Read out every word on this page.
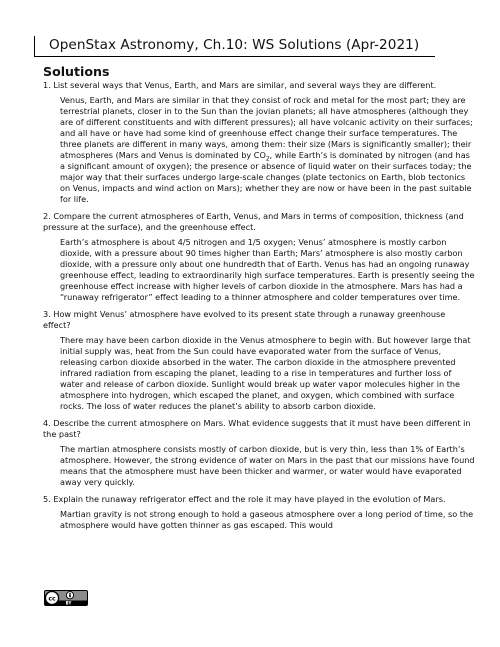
OpenStax Astronomy, Ch.10: WS Solutions (Apr-2021)
Solutions
1. List several ways that Venus, Earth, and Mars are similar, and several ways they are different.
Venus, Earth, and Mars are similar in that they consist of rock and metal for the most part; they are terrestrial planets, closer in to the Sun than the jovian planets; all have atmospheres (although they are of different constituents and with different pressures); all have volcanic activity on their surfaces; and all have or have had some kind of greenhouse effect change their surface temperatures. The three planets are different in many ways, among them: their size (Mars is significantly smaller); their atmospheres (Mars and Venus is dominated by $CO_2$, while Earth’s is dominated by nitrogen (and has a significant amount of oxygen); the presence or absence of liquid water on their surfaces today; the major way that their surfaces undergo large-scale changes (plate tectonics on Earth, blob tectonics on Venus, impacts and wind action on Mars); whether they are now or have been in the past suitable for life.
2. Compare the current atmospheres of Earth, Venus, and Mars in terms of composition, thickness (and pressure at the surface), and the greenhouse effect.
Earth’s atmosphere is about 4/5 nitrogen and 1/5 oxygen; Venus’ atmosphere is mostly carbon dioxide, with a pressure about 90 times higher than Earth; Mars’ atmosphere is also mostly carbon dioxide, with a pressure only about one hundredth that of Earth. Venus has had an ongoing runaway greenhouse effect, leading to extraordinarily high surface temperatures. Earth is presently seeing the greenhouse effect increase with higher levels of carbon dioxide in the atmosphere. Mars has had a “runaway refrigerator” effect leading to a thinner atmosphere and colder temperatures over time.
3. How might Venus’ atmosphere have evolved to its present state through a runaway greenhouse effect?
There may have been carbon dioxide in the Venus atmosphere to begin with. But however large that initial supply was, heat from the Sun could have evaporated water from the surface of Venus, releasing carbon dioxide absorbed in the water. The carbon dioxide in the atmosphere prevented infrared radiation from escaping the planet, leading to a rise in temperatures and further loss of water and release of carbon dioxide. Sunlight would break up water vapor molecules higher in the atmosphere into hydrogen, which escaped the planet, and oxygen, which combined with surface rocks. The loss of water reduces the planet’s ability to absorb carbon dioxide.
4. Describe the current atmosphere on Mars. What evidence suggests that it must have been different in the past?
The martian atmosphere consists mostly of carbon dioxide, but is very thin, less than 1% of Earth’s atmosphere. However, the strong evidence of water on Mars in the past that our missions have found means that the atmosphere must have been thicker and warmer, or water would have evaporated away very quickly.
5. Explain the runaway refrigerator effect and the role it may have played in the evolution of Mars.
Martian gravity is not strong enough to hold a gaseous atmosphere over a long period of time, so the atmosphere would have gotten thinner as gas escaped. This would
cc
BY
